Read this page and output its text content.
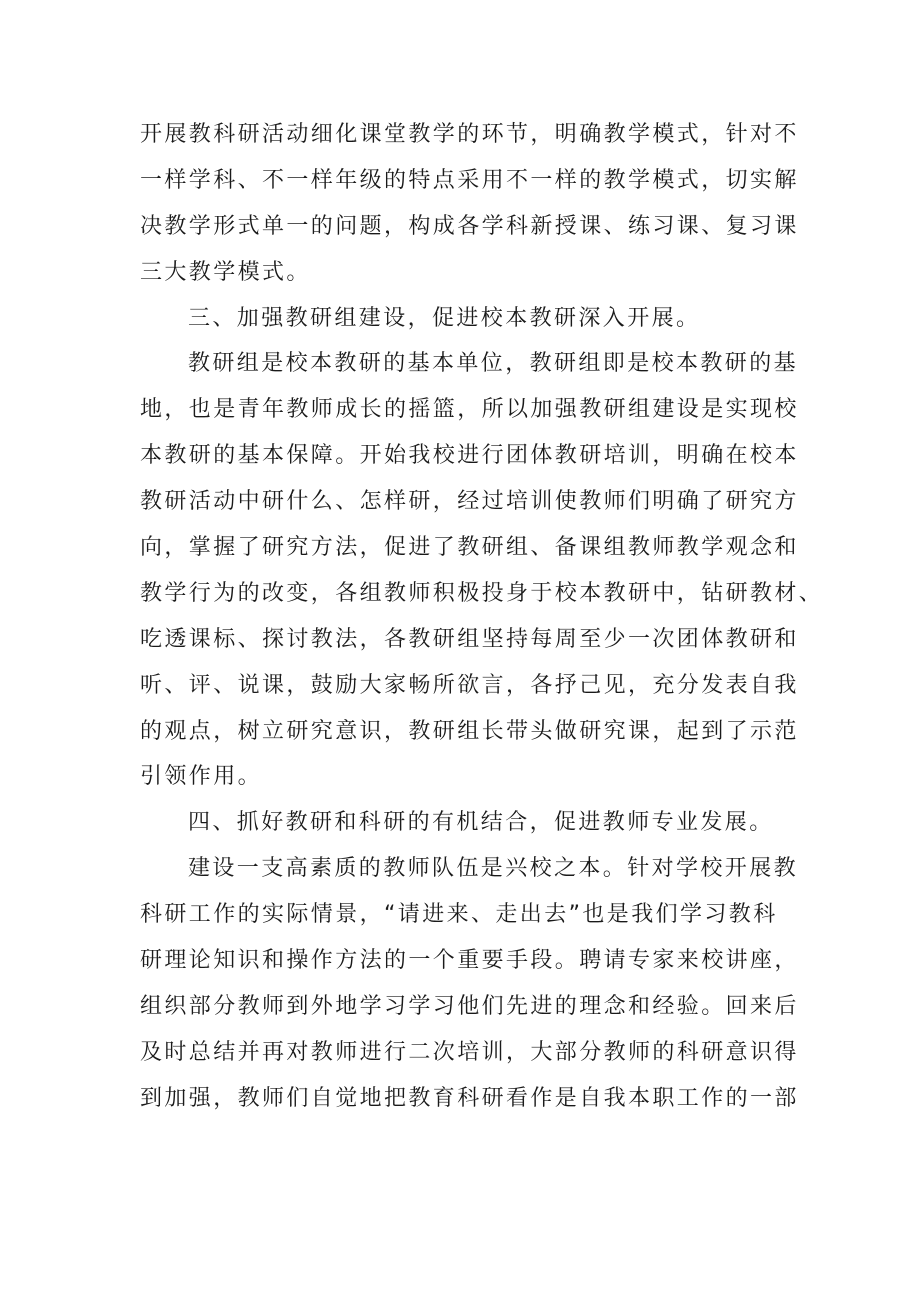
开展教科研活动细化课堂教学的环节，明确教学模式，针对不
一样学科、不一样年级的特点采用不一样的教学模式，切实解
决教学形式单一的问题，构成各学科新授课、练习课、复习课
三大教学模式。
三、加强教研组建设，促进校本教研深入开展。
教研组是校本教研的基本单位，教研组即是校本教研的基
地，也是青年教师成长的摇篮，所以加强教研组建设是实现校
本教研的基本保障。开始我校进行团体教研培训，明确在校本
教研活动中研什么、怎样研，经过培训使教师们明确了研究方
向，掌握了研究方法，促进了教研组、备课组教师教学观念和
教学行为的改变，各组教师积极投身于校本教研中，钻研教材、
吃透课标、探讨教法，各教研组坚持每周至少一次团体教研和
听、评、说课，鼓励大家畅所欲言，各抒己见，充分发表自我
的观点，树立研究意识，教研组长带头做研究课，起到了示范
引领作用。
四、抓好教研和科研的有机结合，促进教师专业发展。
建设一支高素质的教师队伍是兴校之本。针对学校开展教
科研工作的实际情景，“请进来、走出去”也是我们学习教科
研理论知识和操作方法的一个重要手段。聘请专家来校讲座，
组织部分教师到外地学习学习他们先进的理念和经验。回来后
及时总结并再对教师进行二次培训，大部分教师的科研意识得
到加强，教师们自觉地把教育科研看作是自我本职工作的一部
